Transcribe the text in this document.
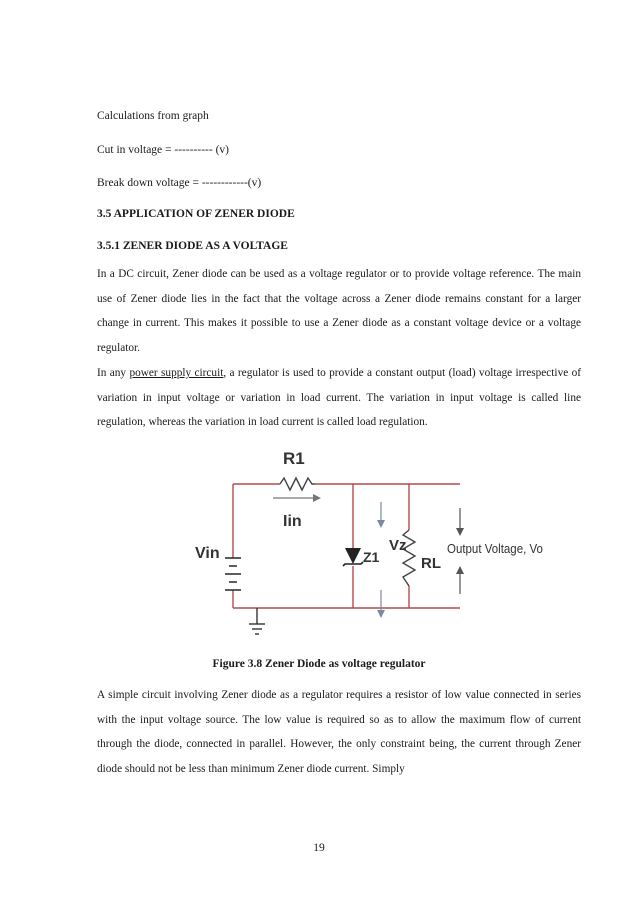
Calculations from graph
Cut in voltage = ---------- (v)
Break down voltage = ------------(v)
3.5 APPLICATION OF ZENER DIODE
3.5.1 ZENER DIODE AS A VOLTAGE
In a DC circuit, Zener diode can be used as a voltage regulator or to provide voltage reference. The main use of Zener diode lies in the fact that the voltage across a Zener diode remains constant for a larger change in current. This makes it possible to use a Zener diode as a constant voltage device or a voltage regulator.
In any power supply circuit, a regulator is used to provide a constant output (load) voltage irrespective of variation in input voltage or variation in load current. The variation in input voltage is called line regulation, whereas the variation in load current is called load regulation.
R1
Iin
Vz
Z1	RL
Vin
Figure 3.8 Zener Diode as voltage regulator
A simple circuit involving Zener diode as a regulator requires a resistor of low value connected in series with the input voltage source. The low value is required so as to allow the maximum flow of current through the diode, connected in parallel. However, the only constraint being, the current through Zener diode should not be less than minimum Zener diode current. Simply
19
Output Voltage, Vo
